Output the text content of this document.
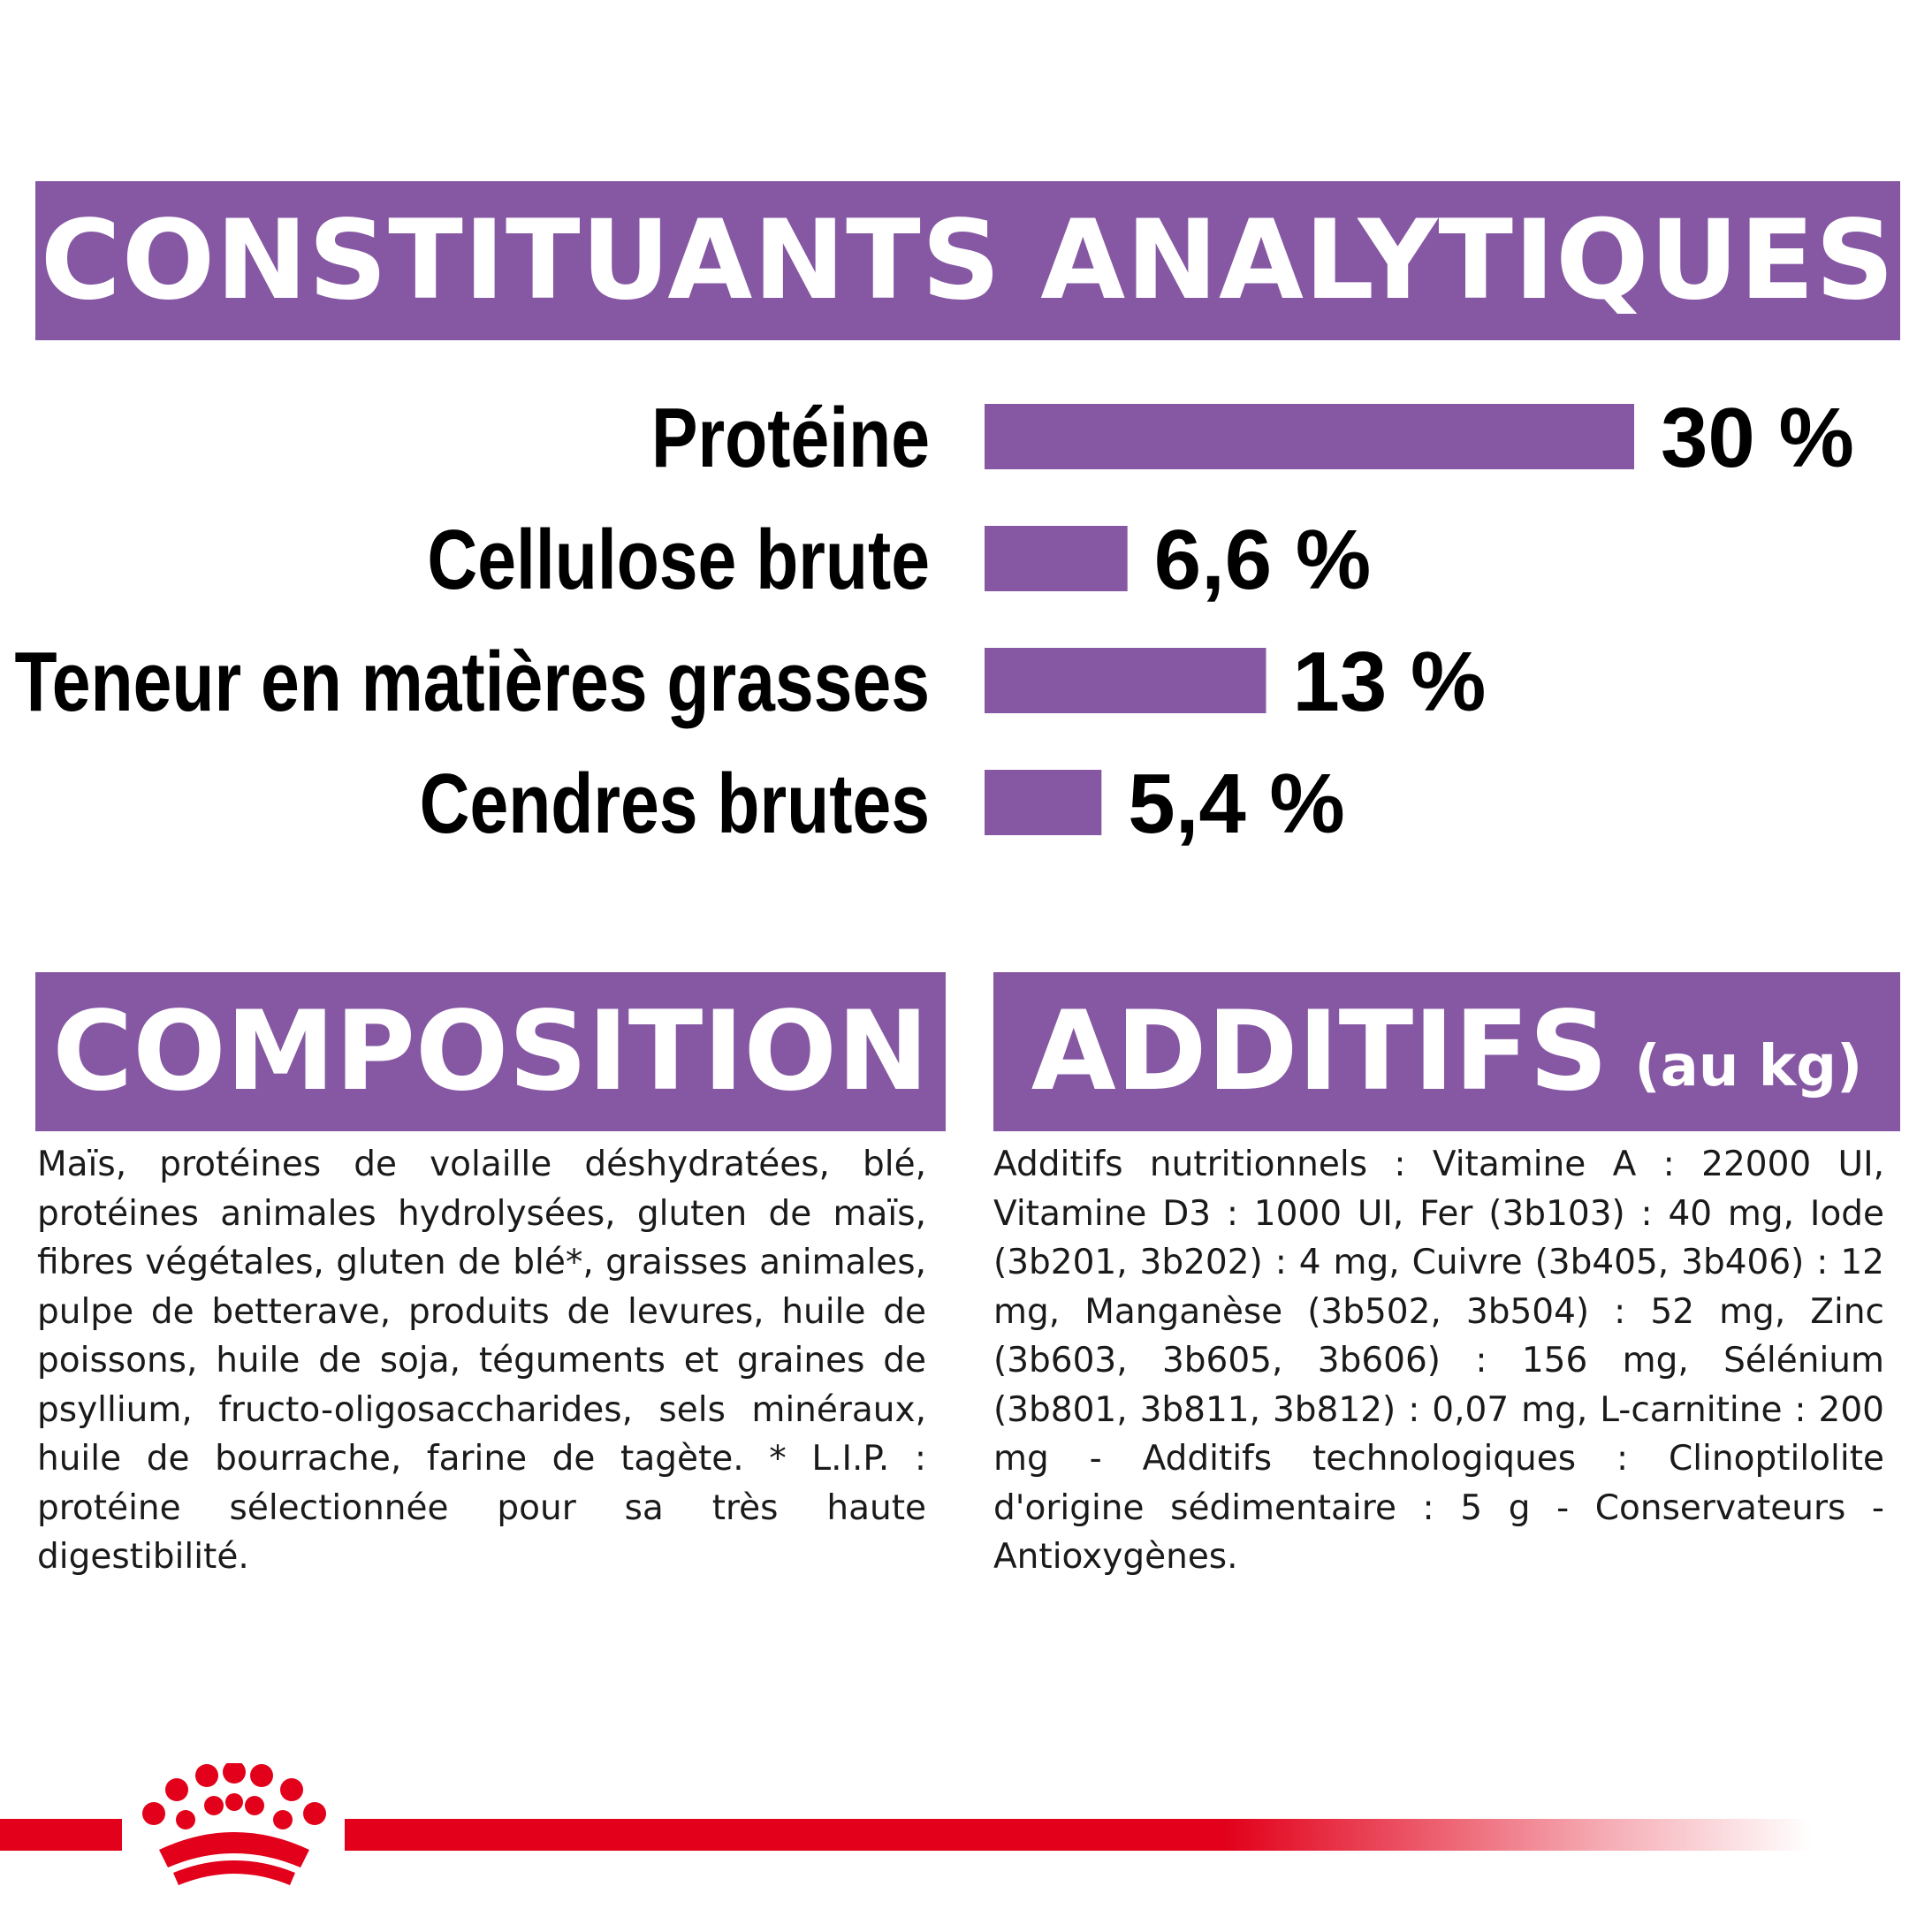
CONSTITUANTS ANALYTIQUES
Protéine	30 %
Cellulose brute	6,6 %
Teneur en matières grasses	13 %
Cendres brutes 5,4 %
COMPOSITION ADDITIFS (au kg)
Maïs, protéines de volaille déshydratées, blé, protéines animales hydrolysées, gluten de maïs, fibres végétales, gluten de blé*, graisses animales, pulpe de betterave, produits de levures, huile de poissons, huile de soja, téguments et graines de psyllium, fructo-oligosaccharides, sels minéraux, huile de bourrache, farine de tagète. * L.I.P. : protéine sélectionnée pour sa très haute digestibilité.
Additifs nutritionnels : Vitamine A : 22000 UI, Vitamine D3 : 1000 UI, Fer (3b103) : 40 mg, Iode (3b201, 3b202) : 4 mg, Cuivre (3b405, 3b406) : 12 mg, Manganèse (3b502, 3b504) : 52 mg, Zinc (3b603, 3b605, 3b606) : 156 mg, Sélénium (3b801, 3b811, 3b812) : 0,07 mg, L-carnitine : 200 mg - Additifs technologiques : Clinoptilolite d'origine sédimentaire : 5 g - Conservateurs - Antioxygènes.
